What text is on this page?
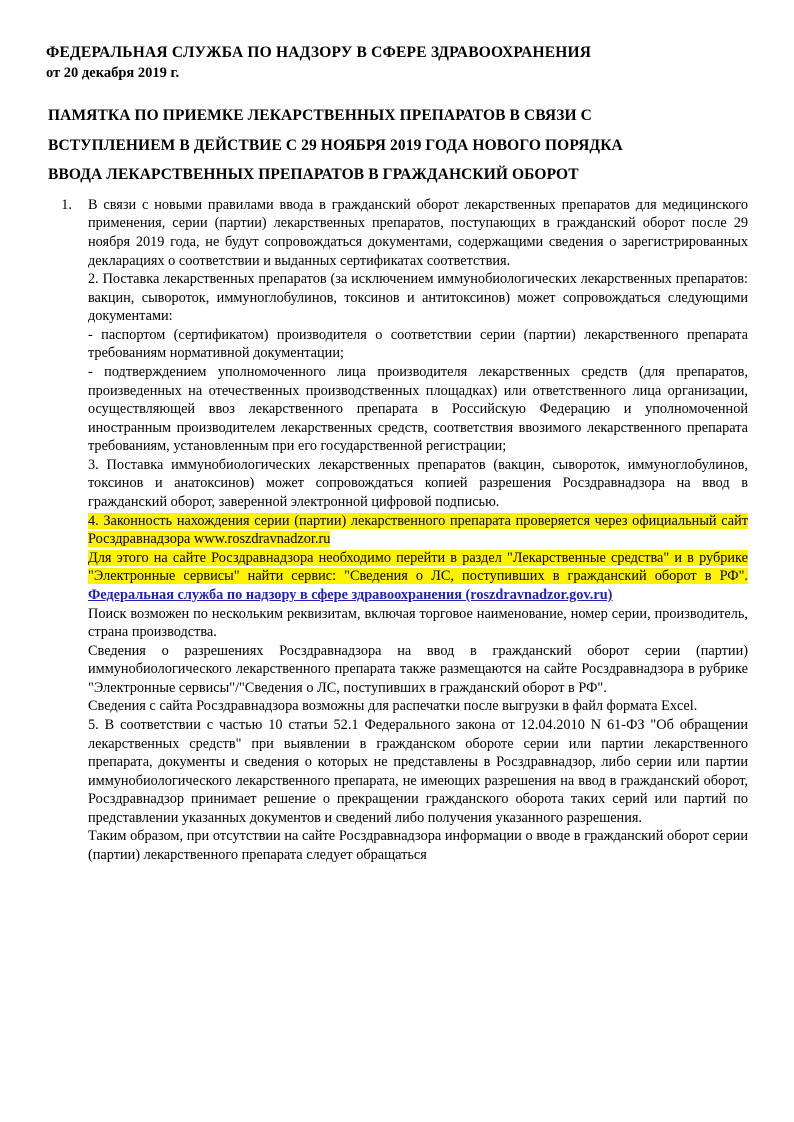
ФЕДЕРАЛЬНАЯ СЛУЖБА ПО НАДЗОРУ В СФЕРЕ ЗДРАВООХРАНЕНИЯ
от 20 декабря 2019 г.
ПАМЯТКА ПО ПРИЕМКЕ ЛЕКАРСТВЕННЫХ ПРЕПАРАТОВ В СВЯЗИ С
ВСТУПЛЕНИЕМ В ДЕЙСТВИЕ С 29 НОЯБРЯ 2019 ГОДА НОВОГО ПОРЯДКА
ВВОДА ЛЕКАРСТВЕННЫХ ПРЕПАРАТОВ В ГРАЖДАНСКИЙ ОБОРОТ
1.	В связи с новыми правилами ввода в гражданский оборот лекарственных препаратов для медицинского применения, серии (партии) лекарственных препаратов, поступающих в гражданский оборот после 29 ноября 2019 года, не будут сопровождаться документами, содержащими сведения о зарегистрированных декларациях о соответствии и выданных сертификатах соответствия.

2. Поставка лекарственных препаратов (за исключением иммунобиологических лекарственных препаратов: вакцин, сывороток, иммуноглобулинов, токсинов и антитоксинов) может сопровождаться следующими документами:

- паспортом (сертификатом) производителя о соответствии серии (партии) лекарственного препарата требованиям нормативной документации;

- подтверждением уполномоченного лица производителя лекарственных средств (для препаратов, произведенных на отечественных производственных площадках) или ответственного лица организации, осуществляющей ввоз лекарственного препарата в Российскую Федерацию и уполномоченной иностранным производителем лекарственных средств, соответствия ввозимого лекарственного препарата требованиям, установленным при его государственной регистрации;

3. Поставка иммунобиологических лекарственных препаратов (вакцин, сывороток, иммуноглобулинов, токсинов и анатоксинов) может сопровождаться копией разрешения Росздравнадзора на ввод в гражданский оборот, заверенной электронной цифровой подписью.

4. Законность нахождения серии (партии) лекарственного препарата проверяется через официальный сайт Росздравнадзора www.roszdravnadzor.ru

Для этого на сайте Росздравнадзора необходимо перейти в раздел "Лекарственные средства" и в рубрике "Электронные сервисы" найти сервис: "Сведения о ЛС, поступивших в гражданский оборот в РФ". Федеральная служба по надзору в сфере здравоохранения (roszdravnadzor.gov.ru)

Поиск возможен по нескольким реквизитам, включая торговое наименование, номер серии, производитель, страна производства.

Сведения о разрешениях Росздравнадзора на ввод в гражданский оборот серии (партии) иммунобиологического лекарственного препарата также размещаются на сайте Росздравнадзора в рубрике "Электронные сервисы"/"Сведения о ЛС, поступивших в гражданский оборот в РФ".

Сведения с сайта Росздравнадзора возможны для распечатки после выгрузки в файл формата Excel.

5. В соответствии с частью 10 статьи 52.1 Федерального закона от 12.04.2010 N 61-ФЗ "Об обращении лекарственных средств" при выявлении в гражданском обороте серии или партии лекарственного препарата, документы и сведения о которых не представлены в Росздравнадзор, либо серии или партии иммунобиологического лекарственного препарата, не имеющих разрешения на ввод в гражданский оборот, Росздравнадзор принимает решение о прекращении гражданского оборота таких серий или партий по представлении указанных документов и сведений либо получения указанного разрешения.

Таким образом, при отсутствии на сайте Росздравнадзора информации о вводе в гражданский оборот серии (партии) лекарственного препарата следует обращаться
